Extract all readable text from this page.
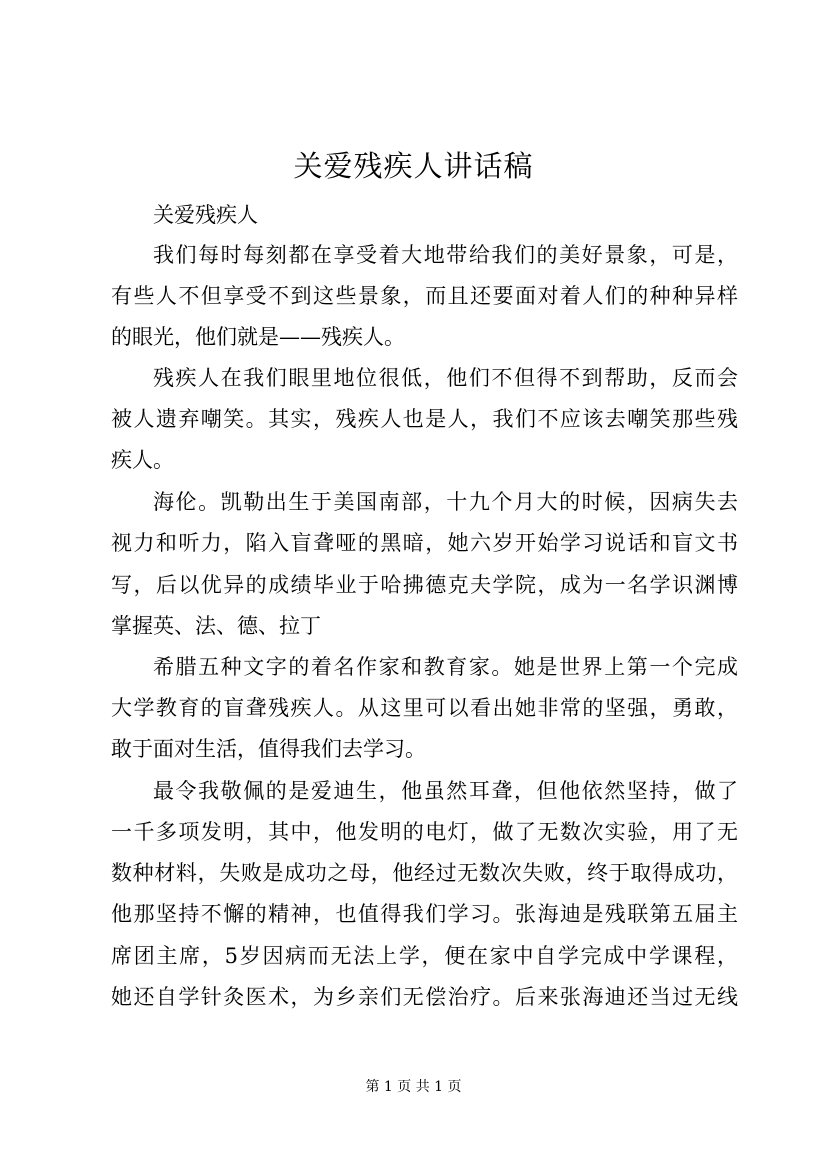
关爱残疾人讲话稿
关爱残疾人
我们每时每刻都在享受着大地带给我们的美好景象，可是，
有些人不但享受不到这些景象，而且还要面对着人们的种种异样
的眼光，他们就是——残疾人。
残疾人在我们眼里地位很低，他们不但得不到帮助，反而会
被人遗弃嘲笑。其实，残疾人也是人，我们不应该去嘲笑那些残
疾人。
海伦。凯勒出生于美国南部，十九个月大的时候，因病失去
视力和听力，陷入盲聋哑的黑暗，她六岁开始学习说话和盲文书
写，后以优异的成绩毕业于哈拂德克夫学院，成为一名学识渊博
掌握英、法、德、拉丁
希腊五种文字的着名作家和教育家。她是世界上第一个完成
大学教育的盲聋残疾人。从这里可以看出她非常的坚强，勇敢，
敢于面对生活，值得我们去学习。
最令我敬佩的是爱迪生，他虽然耳聋，但他依然坚持，做了
一千多项发明，其中，他发明的电灯，做了无数次实验，用了无
数种材料，失败是成功之母，他经过无数次失败，终于取得成功，
他那坚持不懈的精神，也值得我们学习。张海迪是残联第五届主
席团主席，5岁因病而无法上学，便在家中自学完成中学课程，
她还自学针灸医术，为乡亲们无偿治疗。后来张海迪还当过无线
第 1 页 共 1 页
